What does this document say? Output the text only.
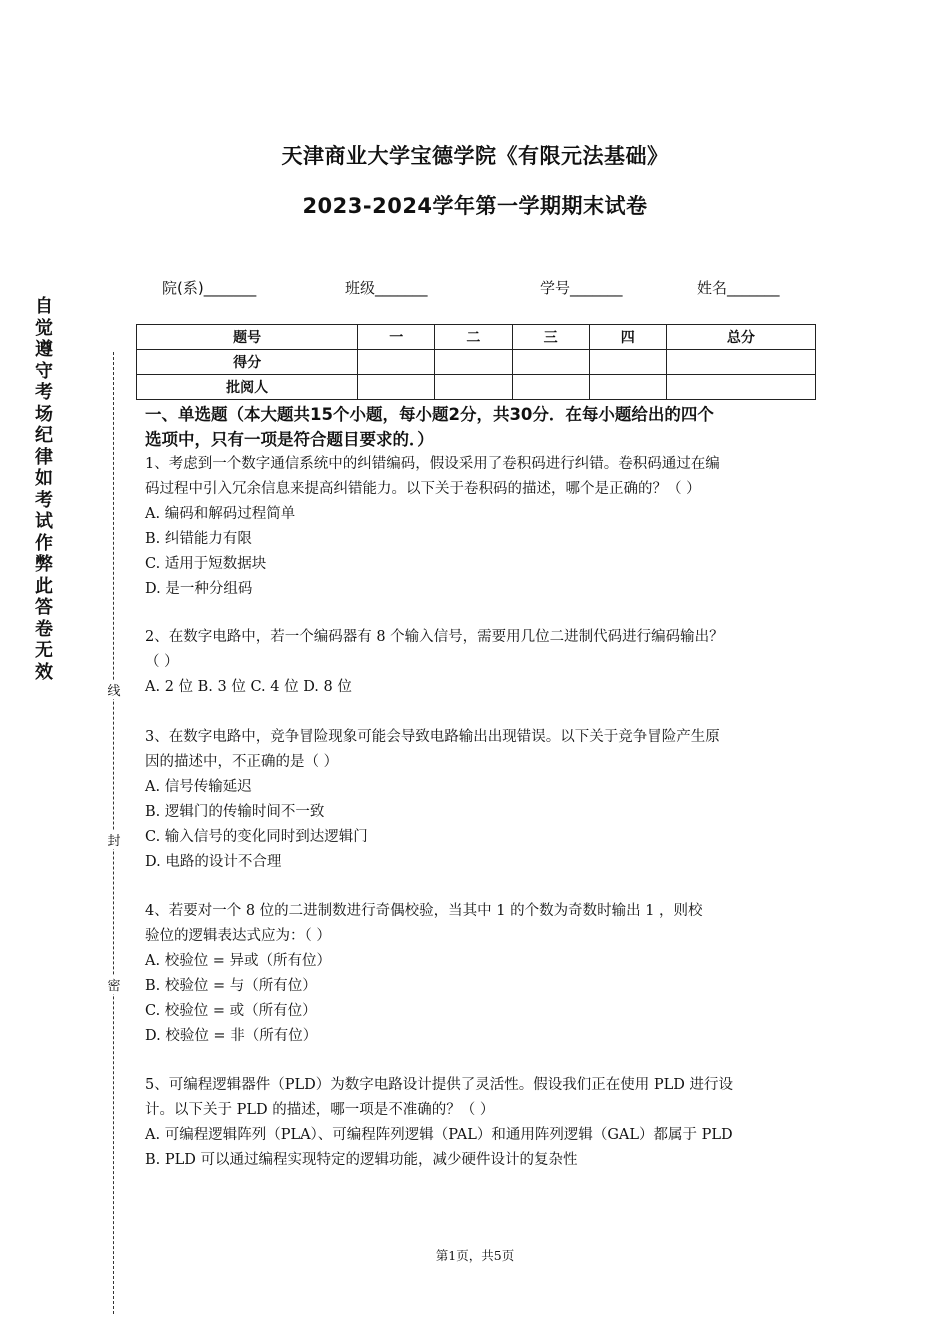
天津商业大学宝德学院《有限元法基础》
2023-2024学年第一学期期末试卷
院(系)_______	班级_______	学号_______	姓名_______
题号	一	二	三	四	总分
得分					
批阅人					
自
觉
遵
守
考
场
纪
律
如
考
试
作
弊
此
答
卷
无
效
线
封
密
一、单选题（本大题共15个小题，每小题2分，共30分．在每小题给出的四个
选项中，只有一项是符合题目要求的．）
1、考虑到一个数字通信系统中的纠错编码，假设采用了卷积码进行纠错。卷积码通过在编
码过程中引入冗余信息来提高纠错能力。以下关于卷积码的描述，哪个是正确的？（ ）
A. 编码和解码过程简单
B. 纠错能力有限
C. 适用于短数据块
D. 是一种分组码
2、在数字电路中，若一个编码器有 8 个输入信号，需要用几位二进制代码进行编码输出？
（ ）
A. 2 位 B. 3 位 C. 4 位 D. 8 位
3、在数字电路中，竞争冒险现象可能会导致电路输出出现错误。以下关于竞争冒险产生原
因的描述中，不正确的是（ ）
A. 信号传输延迟
B. 逻辑门的传输时间不一致
C. 输入信号的变化同时到达逻辑门
D. 电路的设计不合理
4、若要对一个 8 位的二进制数进行奇偶校验，当其中 1 的个数为奇数时输出 1 ，则校
验位的逻辑表达式应为：（ ）
A. 校验位 = 异或（所有位）
B. 校验位 = 与（所有位）
C. 校验位 = 或（所有位）
D. 校验位 = 非（所有位）
5、可编程逻辑器件（PLD）为数字电路设计提供了灵活性。假设我们正在使用 PLD 进行设
计。以下关于 PLD 的描述，哪一项是不准确的？（ ）
A. 可编程逻辑阵列（PLA）、可编程阵列逻辑（PAL）和通用阵列逻辑（GAL）都属于 PLD
B. PLD 可以通过编程实现特定的逻辑功能，减少硬件设计的复杂性
第1页，共5页
